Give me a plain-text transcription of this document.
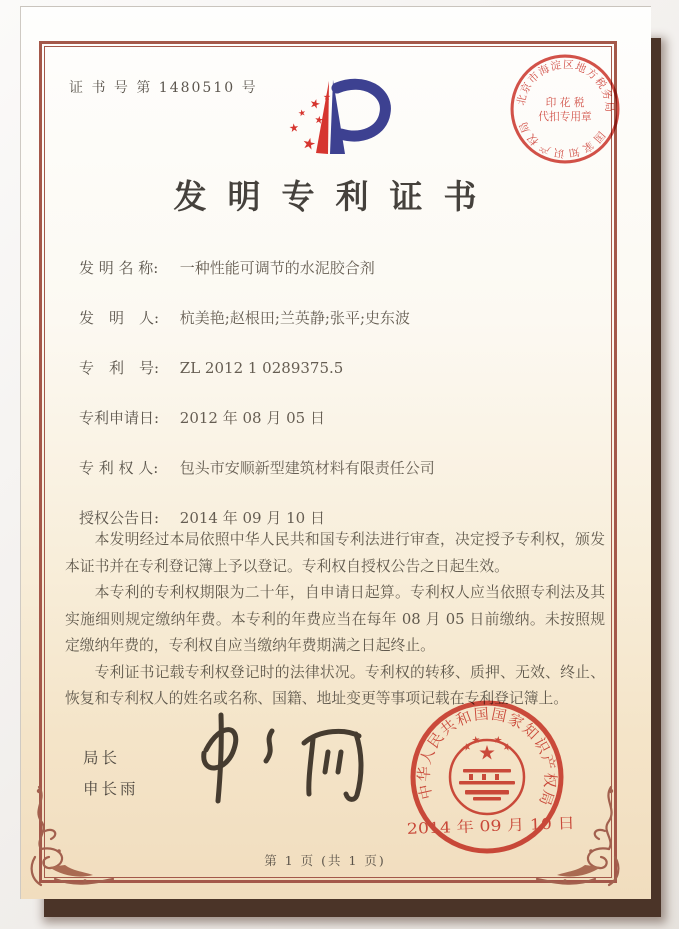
证 书 号 第 1480510 号
北京市海淀区地方税务局
国家知识产权局
印 花 税
代扣专用章
发明专利证书
发 明 名 称: 一种性能可调节的水泥胶合剂
发　明　人: 杭美艳;赵根田;兰英静;张平;史东波
专　利　号: ZL 2012 1 0289375.5
专利申请日: 2012 年 08 月 05 日
专 利 权 人: 包头市安顺新型建筑材料有限责任公司
授权公告日: 2014 年 09 月 10 日

本发明经过本局依照中华人民共和国专利法进行审查，决定授予专利权，颁发本证书并在专利登记簿上予以登记。专利权自授权公告之日起生效。

本专利的专利权期限为二十年，自申请日起算。专利权人应当依照专利法及其实施细则规定缴纳年费。本专利的年费应当在每年 08 月 05 日前缴纳。未按照规定缴纳年费的，专利权自应当缴纳年费期满之日起终止。

专利证书记载专利权登记时的法律状况。专利权的转移、质押、无效、终止、恢复和专利权人的姓名或名称、国籍、地址变更等事项记载在专利登记簿上。

局长
申长雨	中华人民共和国国家知识产权局
2014 年 09 月 10 日
第 1 页 (共 1 页)
